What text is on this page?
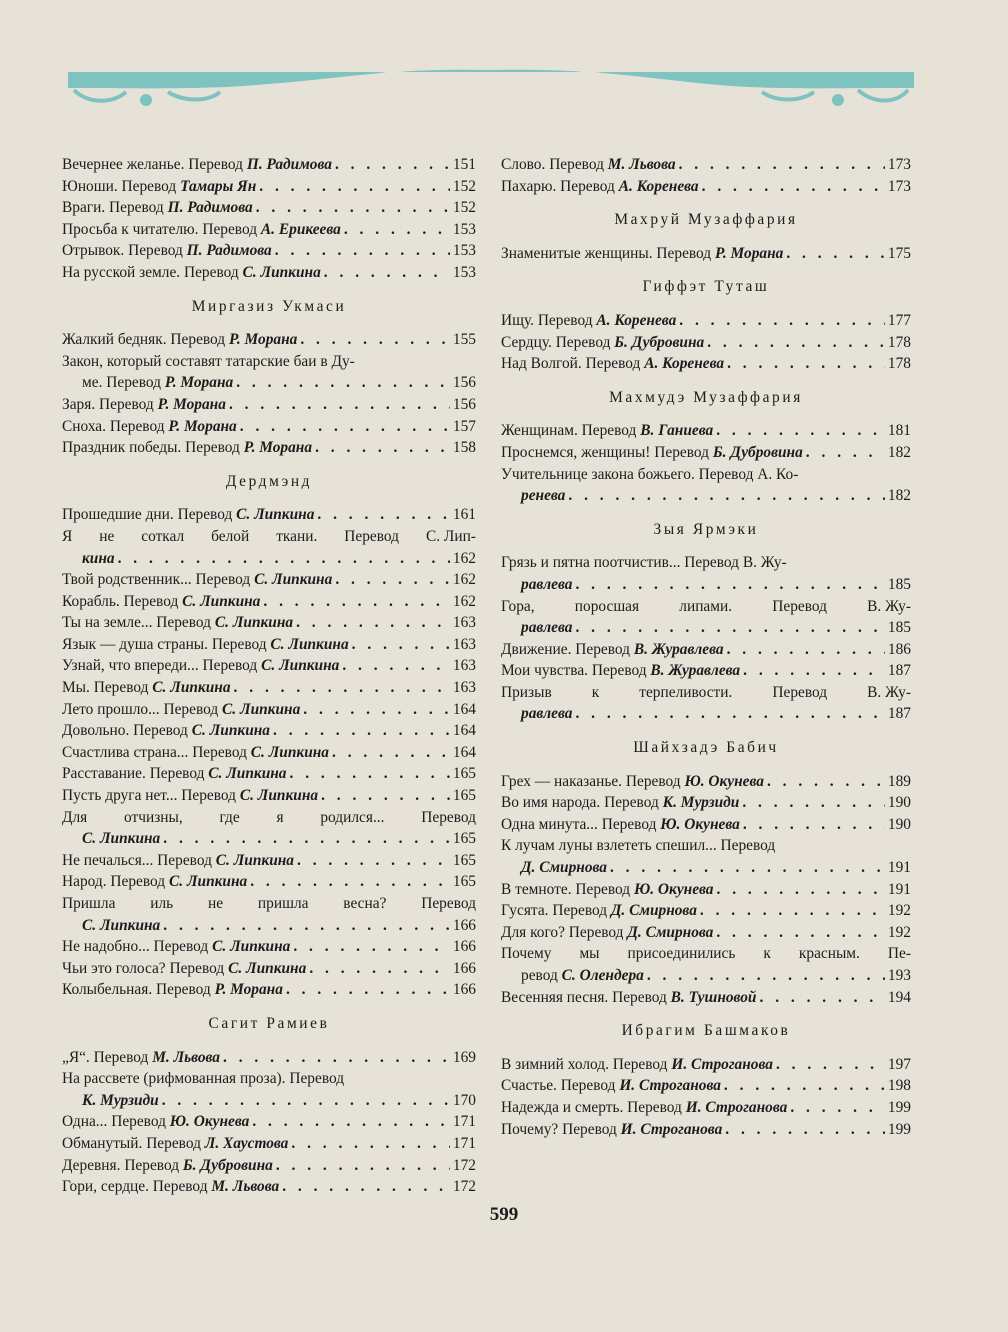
Вечернее желанье. Перевод П. Радимова . . .	151
Юноши. Перевод Тамары Ян . . .	152
Враги. Перевод П. Радимова . . .	152
Просьба к читателю. Перевод А. Ерикеева . . .	153
Отрывок. Перевод П. Радимова . . .	153
На русской земле. Перевод С. Липкина . . .	153
Миргазиз Укмаси
Жалкий бедняк. Перевод Р. Морана . . .	155
Закон, который составят татарские баи в Ду-
ме. Перевод Р. Морана . . .	156
Заря. Перевод Р. Морана . . .	156
Сноха. Перевод Р. Морана . . .	157
Праздник победы. Перевод Р. Морана . . .	158
Дердмэнд
Прошедшие дни. Перевод С. Липкина . . .	161
Я не соткал белой ткани. Перевод С. Лип-
кина . . .	162
Твой родственник... Перевод С. Липкина . . .	162
Корабль. Перевод С. Липкина . . .	162
Ты на земле... Перевод С. Липкина . . .	163
Язык — душа страны. Перевод С. Липкина . . .	163
Узнай, что впереди... Перевод С. Липкина . . .	163
Мы. Перевод С. Липкина . . .	163
Лето прошло... Перевод С. Липкина . . .	164
Довольно. Перевод С. Липкина . . .	164
Счастлива страна... Перевод С. Липкина . . .	164
Расставание. Перевод С. Липкина . . .	165
Пусть друга нет... Перевод С. Липкина . . .	165
Для отчизны, где я родился... Перевод
С. Липкина . . .	165
Не печалься... Перевод С. Липкина . . .	165
Народ. Перевод С. Липкина . . .	165
Пришла иль не пришла весна? Перевод
С. Липкина . . .	166
Не надобно... Перевод С. Липкина . . .	166
Чьи это голоса? Перевод С. Липкина . . .	166
Колыбельная. Перевод Р. Морана . . .	166
Сагит Рамиев
„Я“. Перевод М. Львова . . .	169
На рассвете (рифмованная проза). Перевод
К. Мурзиди . . .	170
Одна... Перевод Ю. Окунева . . .	171
Обманутый. Перевод Л. Хаустова . . .	171
Деревня. Перевод Б. Дубровина . . .	172
Гори, сердце. Перевод М. Львова . . .	172
Слово. Перевод М. Львова . . .	173
Пахарю. Перевод А. Коренева . . .	173
Махруй Музаффария
Знаменитые женщины. Перевод Р. Морана . . .	175
Гиффэт Туташ
Ищу. Перевод А. Коренева . . .	177
Сердцу. Перевод Б. Дубровина . . .	178
Над Волгой. Перевод А. Коренева . . .	178
Махмудэ Музаффария
Женщинам. Перевод В. Ганиева . . .	181
Проснемся, женщины! Перевод Б. Дубровина . . .	182
Учительнице закона божьего. Перевод А. Ко-
ренева . . .	182
Зыя Ярмэки
Грязь и пятна поотчистив... Перевод В. Жу-
равлева . . .	185
Гора,	поросшая	липами.	Перевод	В. Жу-
равлева . . .	185
Движение. Перевод В. Журавлева . . .	186
Мои чувства. Перевод В. Журавлева . . .	187
Призыв	к	терпеливости.	Перевод	В. Жу-
равлева . . .	187
Шайхзадэ Бабич
Грех — наказанье. Перевод Ю. Окунева . . .	189
Во имя народа. Перевод К. Мурзиди . . .	190
Одна минута... Перевод Ю. Окунева . . .	190
К лучам луны взлететь спешил... Перевод
Д. Смирнова . . .	191
В темноте. Перевод Ю. Окунева . . .	191
Гусята. Перевод Д. Смирнова . . .	192
Для кого? Перевод Д. Смирнова . . .	192
Почему мы присоединились к красным. Пе-
ревод С. Олендера . . .	193
Весенняя песня. Перевод В. Тушновой . . .	194
Ибрагим Башмаков
В зимний холод. Перевод И. Строганова . . .	197
Счастье. Перевод И. Строганова . . .	198
Надежда и смерть. Перевод И. Строганова . . .	199
Почему? Перевод И. Строганова . . .	199
599
